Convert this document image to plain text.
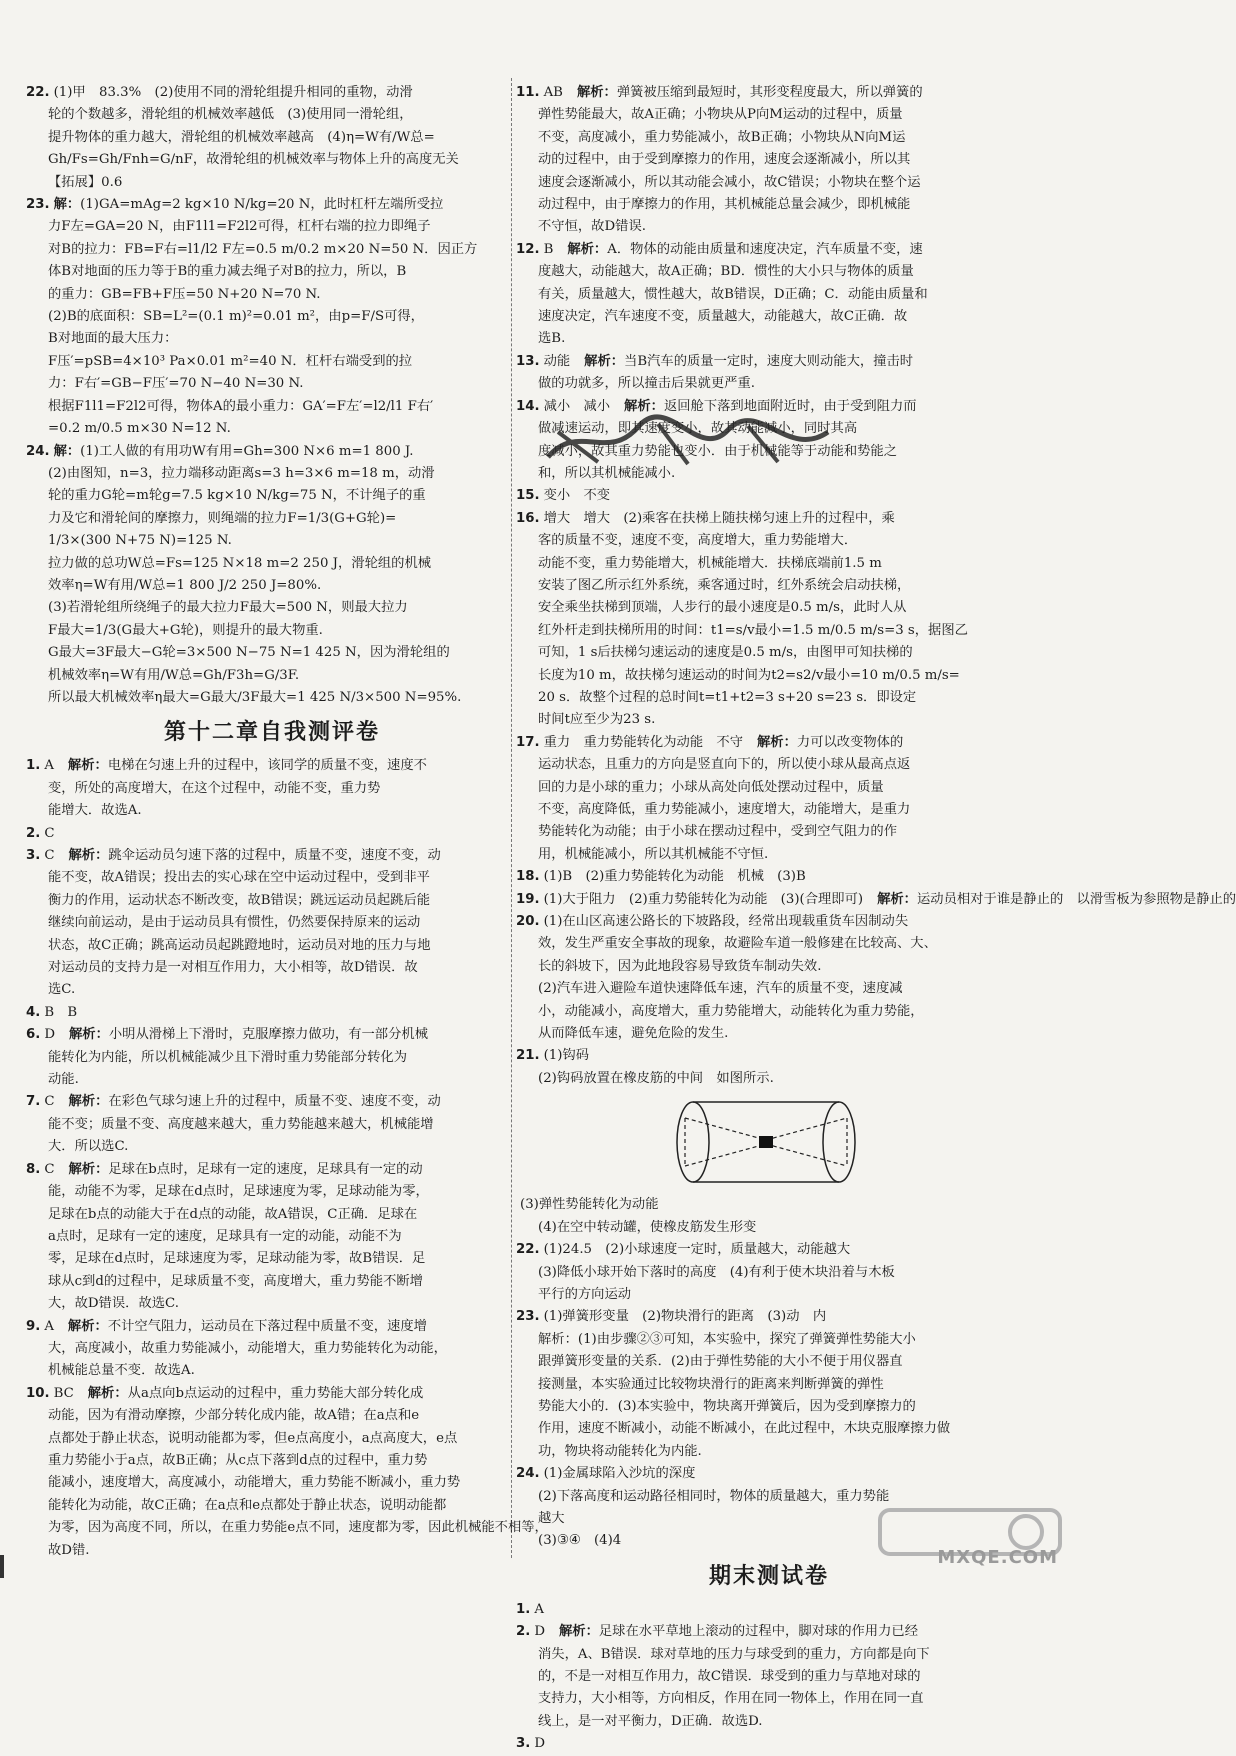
22. (1)甲　83.3%　(2)使用不同的滑轮组提升相同的重物，动滑
轮的个数越多，滑轮组的机械效率越低　(3)使用同一滑轮组，
提升物体的重力越大，滑轮组的机械效率越高　(4)η=W有/W总=
Gh/Fs=Gh/Fnh=G/nF，故滑轮组的机械效率与物体上升的高度无关
【拓展】0.6
23. 解：(1)GA=mAg=2 kg×10 N/kg=20 N，此时杠杆左端所受拉
力F左=GA=20 N，由F1l1=F2l2可得，杠杆右端的拉力即绳子
对B的拉力：FB=F右=l1/l2 F左=0.5 m/0.2 m×20 N=50 N．因正方
体B对地面的压力等于B的重力减去绳子对B的拉力，所以，B
的重力：GB=FB+F压=50 N+20 N=70 N.
(2)B的底面积：SB=L²=(0.1 m)²=0.01 m²，由p=F/S可得，
B对地面的最大压力：
F压′=pSB=4×10³ Pa×0.01 m²=40 N．杠杆右端受到的拉
力：F右′=GB−F压′=70 N−40 N=30 N.
根据F1l1=F2l2可得，物体A的最小重力：GA′=F左′=l2/l1 F右′
=0.2 m/0.5 m×30 N=12 N.
24. 解：(1)工人做的有用功W有用=Gh=300 N×6 m=1 800 J.
(2)由图知，n=3，拉力端移动距离s=3 h=3×6 m=18 m，动滑
轮的重力G轮=m轮g=7.5 kg×10 N/kg=75 N，不计绳子的重
力及它和滑轮间的摩擦力，则绳端的拉力F=1/3(G+G轮)=
1/3×(300 N+75 N)=125 N.
拉力做的总功W总=Fs=125 N×18 m=2 250 J，滑轮组的机械
效率η=W有用/W总=1 800 J/2 250 J=80%.
(3)若滑轮组所绕绳子的最大拉力F最大=500 N，则最大拉力
F最大=1/3(G最大+G轮)，则提升的最大物重.
G最大=3F最大−G轮=3×500 N−75 N=1 425 N，因为滑轮组的
机械效率η=W有用/W总=Gh/F3h=G/3F.
所以最大机械效率η最大=G最大/3F最大=1 425 N/3×500 N=95%.
第十二章自我测评卷
1. A 解析：电梯在匀速上升的过程中，该同学的质量不变，速度不
变，所处的高度增大，在这个过程中，动能不变，重力势
能增大．故选A.
2. C
3. C 解析：跳伞运动员匀速下落的过程中，质量不变，速度不变，动
能不变，故A错误；投出去的实心球在空中运动过程中，受到非平
衡力的作用，运动状态不断改变，故B错误；跳远运动员起跳后能
继续向前运动，是由于运动员具有惯性，仍然要保持原来的运动
状态，故C正确；跳高运动员起跳蹬地时，运动员对地的压力与地
对运动员的支持力是一对相互作用力，大小相等，故D错误．故
选C.
4. B　B
6. D 解析：小明从滑梯上下滑时，克服摩擦力做功，有一部分机械
能转化为内能，所以机械能减少且下滑时重力势能部分转化为
动能.
7. C 解析：在彩色气球匀速上升的过程中，质量不变、速度不变，动
能不变；质量不变、高度越来越大，重力势能越来越大，机械能增
大．所以选C.
8. C 解析：足球在b点时，足球有一定的速度，足球具有一定的动
能，动能不为零，足球在d点时，足球速度为零，足球动能为零，
足球在b点的动能大于在d点的动能，故A错误，C正确．足球在
a点时，足球有一定的速度，足球具有一定的动能，动能不为
零，足球在d点时，足球速度为零，足球动能为零，故B错误．足
球从c到d的过程中，足球质量不变，高度增大，重力势能不断增
大，故D错误．故选C.
9. A 解析：不计空气阻力，运动员在下落过程中质量不变，速度增
大，高度减小，故重力势能减小，动能增大，重力势能转化为动能，
机械能总量不变．故选A.
10. BC 解析：从a点向b点运动的过程中，重力势能大部分转化成
动能，因为有滑动摩擦，少部分转化成内能，故A错；在a点和e
点都处于静止状态，说明动能都为零，但e点高度小，a点高度大，e点
重力势能小于a点，故B正确；从c点下落到d点的过程中，重力势
能减小，速度增大，高度减小，动能增大，重力势能不断减小，重力势
能转化为动能，故C正确；在a点和e点都处于静止状态，说明动能都
为零，因为高度不同，所以，在重力势能e点不同，速度都为零，因此机械能不相等，
故D错.
11. AB 解析：弹簧被压缩到最短时，其形变程度最大，所以弹簧的
弹性势能最大，故A正确；小物块从P向M运动的过程中，质量
不变，高度减小，重力势能减小，故B正确；小物块从N向M运
动的过程中，由于受到摩擦力的作用，速度会逐渐减小，所以其
速度会逐渐减小，所以其动能会减小，故C错误；小物块在整个运
动过程中，由于摩擦力的作用，其机械能总量会减少，即机械能
不守恒，故D错误.
12. B 解析：A．物体的动能由质量和速度决定，汽车质量不变，速
度越大，动能越大，故A正确；BD．惯性的大小只与物体的质量
有关，质量越大，惯性越大，故B错误，D正确；C．动能由质量和
速度决定，汽车速度不变，质量越大，动能越大，故C正确．故
选B.
13. 动能 解析：当B汽车的质量一定时，速度大则动能大，撞击时
做的功就多，所以撞击后果就更严重.
14. 减小　减小 解析：返回舱下落到地面附近时，由于受到阻力而
做减速运动，即其速度变小，故其动能减小，同时其高
度减小，故其重力势能也变小．由于机械能等于动能和势能之
和，所以其机械能减小.
15. 变小　不变
16. 增大　增大　(2)乘客在扶梯上随扶梯匀速上升的过程中，乘
客的质量不变，速度不变，高度增大，重力势能增大．
动能不变，重力势能增大，机械能增大．扶梯底端前1.5 m
安装了图乙所示红外系统，乘客通过时，红外系统会启动扶梯，
安全乘坐扶梯到顶端，人步行的最小速度是0.5 m/s，此时人从
红外杆走到扶梯所用的时间：t1=s/v最小=1.5 m/0.5 m/s=3 s，据图乙
可知，1 s后扶梯匀速运动的速度是0.5 m/s，由图甲可知扶梯的
长度为10 m，故扶梯匀速运动的时间为t2=s2/v最小=10 m/0.5 m/s=
20 s．故整个过程的总时间t=t1+t2=3 s+20 s=23 s．即设定
时间t应至少为23 s.
17. 重力　重力势能转化为动能　不守 解析：力可以改变物体的
运动状态，且重力的方向是竖直向下的，所以使小球从最高点返
回的力是小球的重力；小球从高处向低处摆动过程中，质量
不变，高度降低，重力势能减小，速度增大，动能增大，是重力
势能转化为动能；由于小球在摆动过程中，受到空气阻力的作
用，机械能减小，所以其机械能不守恒.
18. (1)B　(2)重力势能转化为动能　机械　(3)B
19. (1)大于阻力　(2)重力势能转化为动能　(3)(合理即可) 解析：运动员相对于谁是静止的　以滑雪板为参照物是静止的
20. (1)在山区高速公路长的下坡路段，经常出现载重货车因制动失
效，发生严重安全事故的现象，故避险车道一般修建在比较高、大、
长的斜坡下，因为此地段容易导致货车制动失效.
(2)汽车进入避险车道快速降低车速，汽车的质量不变，速度减
小，动能减小，高度增大，重力势能增大，动能转化为重力势能，
从而降低车速，避免危险的发生.
21. (1)钩码
(2)钩码放置在橡皮筋的中间　如图所示.
(3)弹性势能转化为动能
(4)在空中转动罐，使橡皮筋发生形变
22. (1)24.5　(2)小球速度一定时，质量越大，动能越大
(3)降低小球开始下落时的高度　(4)有利于使木块沿着与木板
平行的方向运动
23. (1)弹簧形变量　(2)物块滑行的距离　(3)动　内
解析：(1)由步骤②③可知，本实验中，探究了弹簧弹性势能大小
跟弹簧形变量的关系．(2)由于弹性势能的大小不便于用仪器直
接测量，本实验通过比较物块滑行的距离来判断弹簧的弹性
势能大小的．(3)本实验中，物块离开弹簧后，因为受到摩擦力的
作用，速度不断减小，动能不断减小，在此过程中，木块克服摩擦力做
功，物块将动能转化为内能.
24. (1)金属球陷入沙坑的深度
(2)下落高度和运动路径相同时，物体的质量越大，重力势能
越大
(3)③④　(4)4
期末测试卷
1. A
2. D 解析：足球在水平草地上滚动的过程中，脚对球的作用力已经
消失，A、B错误．球对草地的压力与球受到的重力，方向都是向下
的，不是一对相互作用力，故C错误．球受到的重力与草地对球的
支持力，大小相等，方向相反，作用在同一物体上，作用在同一直
线上，是一对平衡力，D正确．故选D.
3. D
MXQE.COM
